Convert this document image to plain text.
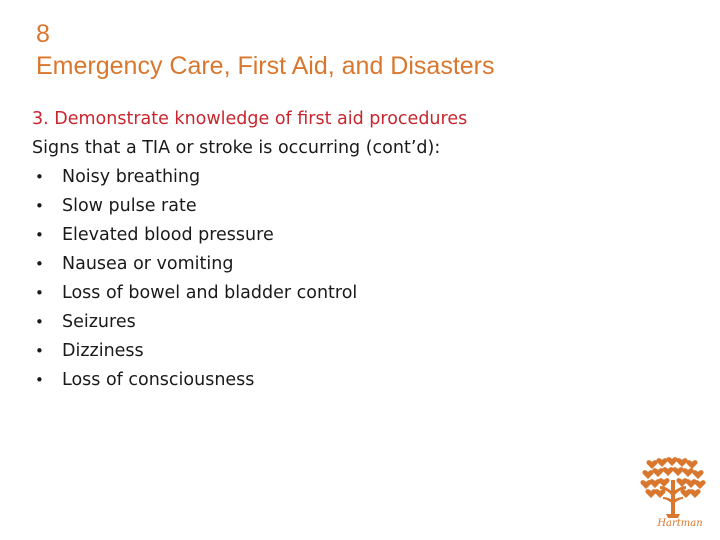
8
Emergency Care, First Aid, and Disasters
3. Demonstrate knowledge of first aid procedures
Signs that a TIA or stroke is occurring (cont’d):
• Noisy breathing
• Slow pulse rate
• Elevated blood pressure
• Nausea or vomiting
• Loss of bowel and bladder control
• Seizures
• Dizziness
• Loss of consciousness
Hartman
